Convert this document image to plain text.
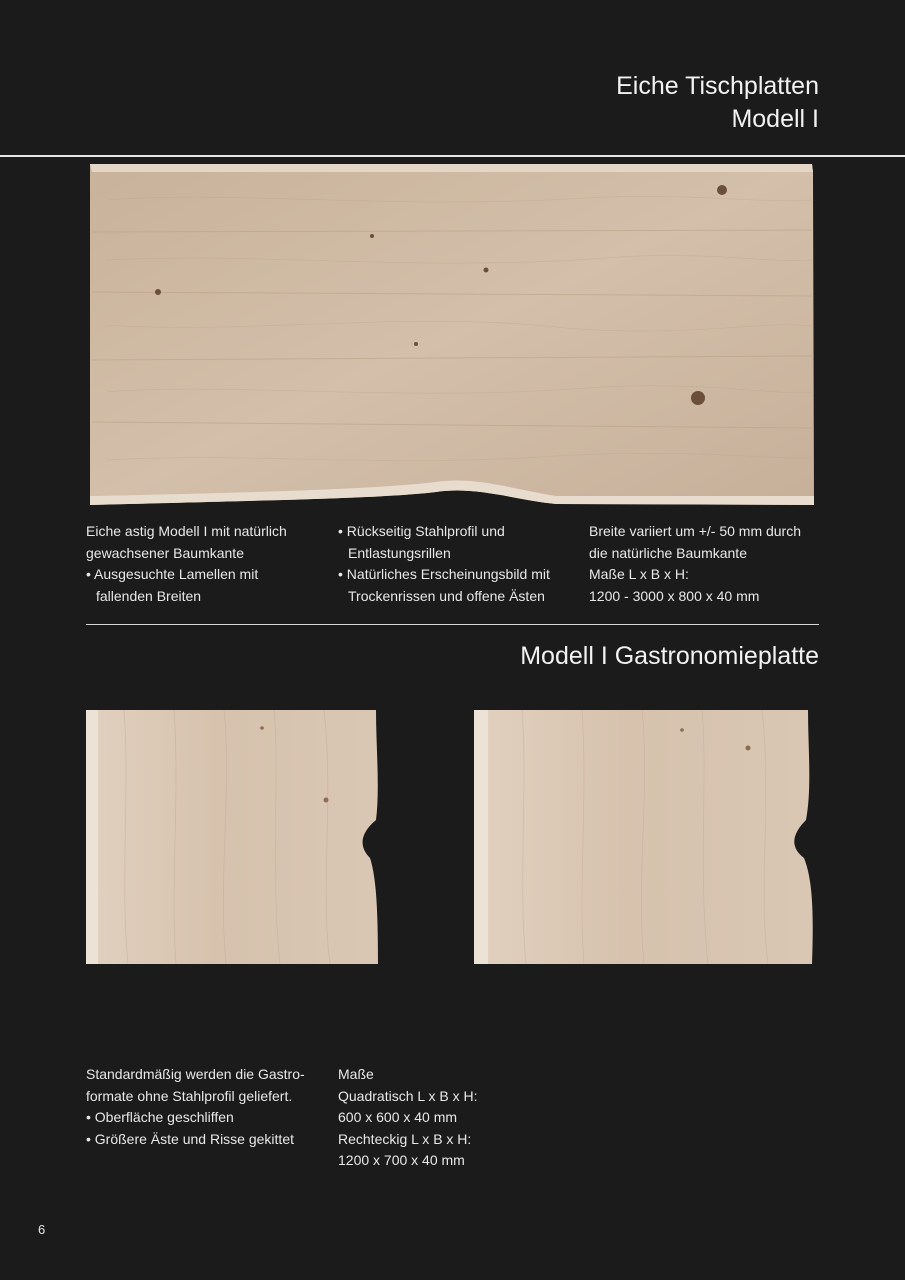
Eiche Tischplatten
Modell I

Eiche astig Modell I mit natürlich

gewachsener Baumkante

• Ausgesuchte Lamellen mit

fallenden Breiten

• Rückseitig Stahlprofil und

Entlastungsrillen

• Natürliches Erscheinungsbild mit

Trockenrissen und offene Ästen

Breite variiert um +/- 50 mm durch

die natürliche Baumkante

Maße L x B x H:

1200 - 3000 x 800 x 40 mm

Modell I Gastronomieplatte

Standardmäßig werden die Gastro-

formate ohne Stahlprofil geliefert.

• Oberfläche geschliffen

• Größere Äste und Risse gekittet

Maße

Quadratisch L x B x H:

600 x 600 x 40 mm

Rechteckig L x B x H:

1200 x 700 x 40 mm

6
